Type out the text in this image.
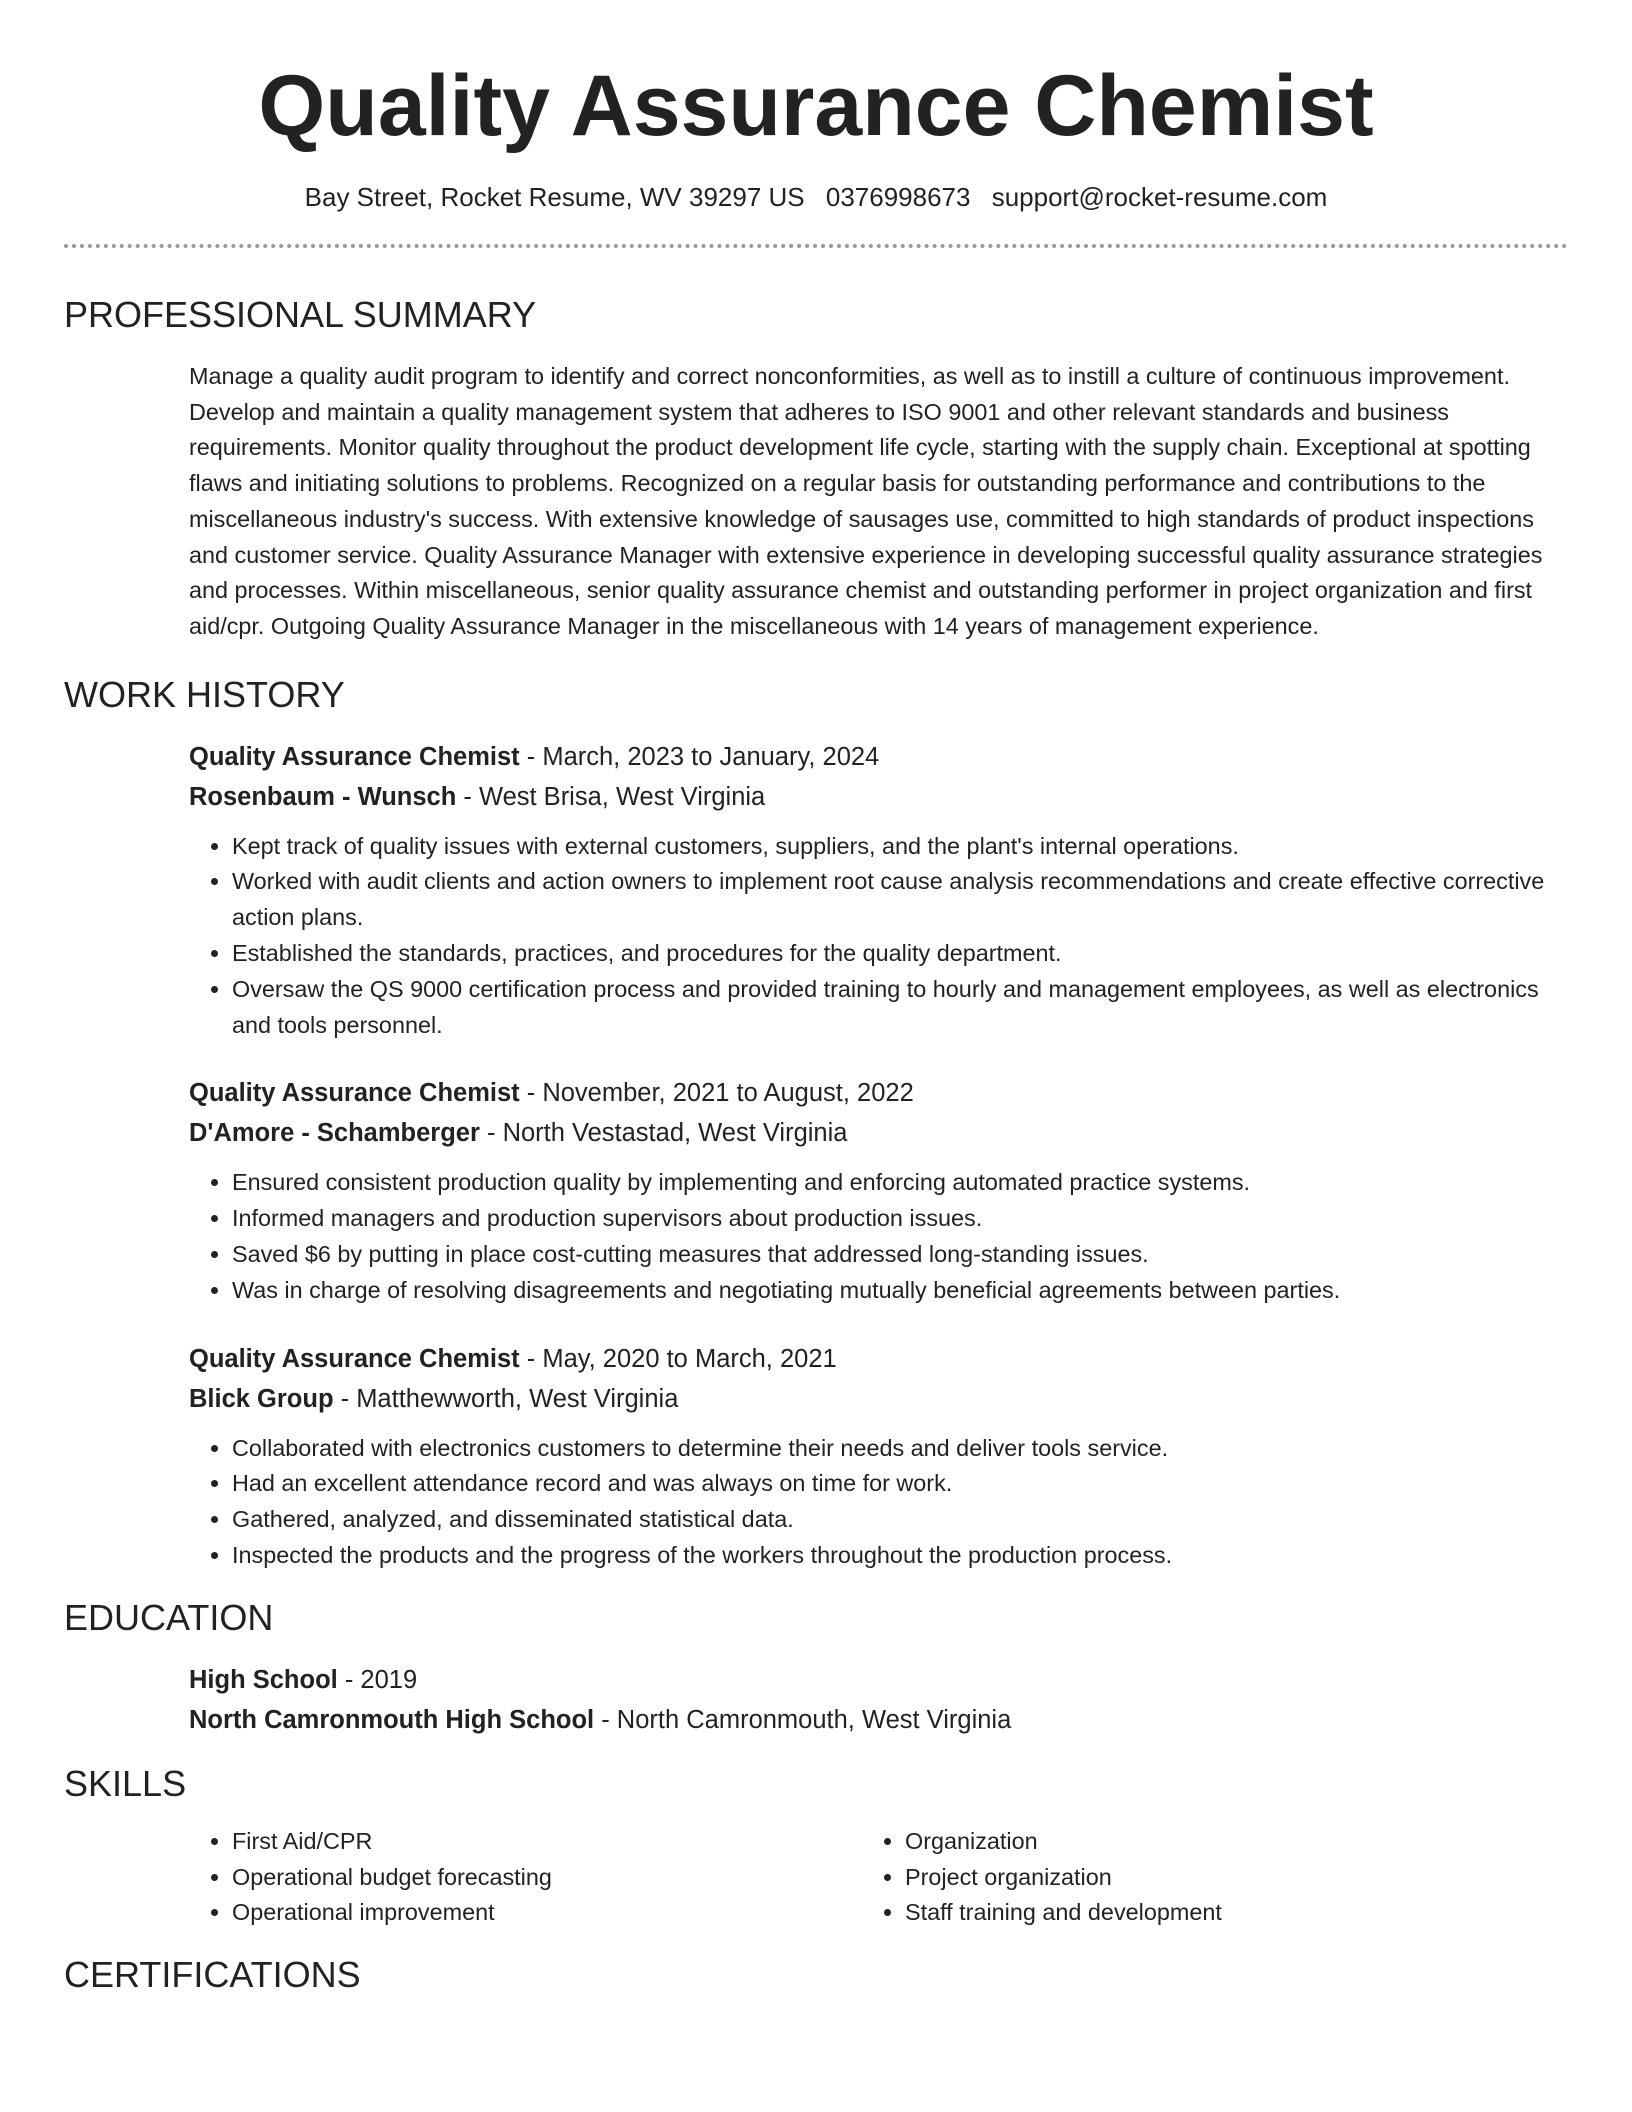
Quality Assurance Chemist
Bay Street, Rocket Resume, WV 39297 US 0376998673 support@rocket-resume.com
PROFESSIONAL SUMMARY

Manage a quality audit program to identify and correct nonconformities, as well as to instill a culture of continuous improvement. Develop and maintain a quality management system that adheres to ISO 9001 and other relevant standards and business requirements. Monitor quality throughout the product development life cycle, starting with the supply chain. Exceptional at spotting flaws and initiating solutions to problems. Recognized on a regular basis for outstanding performance and contributions to the miscellaneous industry's success. With extensive knowledge of sausages use, committed to high standards of product inspections and customer service. Quality Assurance Manager with extensive experience in developing successful quality assurance strategies and processes. Within miscellaneous, senior quality assurance chemist and outstanding performer in project organization and first aid/cpr. Outgoing Quality Assurance Manager in the miscellaneous with 14 years of management experience.

WORK HISTORY
Quality Assurance Chemist - March, 2023 to January, 2024
Rosenbaum - Wunsch - West Brisa, West Virginia
• Kept track of quality issues with external customers, suppliers, and the plant's internal operations.
• Worked with audit clients and action owners to implement root cause analysis recommendations and create effective corrective action plans.
• Established the standards, practices, and procedures for the quality department.
• Oversaw the QS 9000 certification process and provided training to hourly and management employees, as well as electronics and tools personnel.
Quality Assurance Chemist - November, 2021 to August, 2022
D'Amore - Schamberger - North Vestastad, West Virginia
• Ensured consistent production quality by implementing and enforcing automated practice systems.
• Informed managers and production supervisors about production issues.
• Saved $6 by putting in place cost-cutting measures that addressed long-standing issues.
• Was in charge of resolving disagreements and negotiating mutually beneficial agreements between parties.
Quality Assurance Chemist - May, 2020 to March, 2021
Blick Group - Matthewworth, West Virginia
• Collaborated with electronics customers to determine their needs and deliver tools service.
• Had an excellent attendance record and was always on time for work.
• Gathered, analyzed, and disseminated statistical data.
• Inspected the products and the progress of the workers throughout the production process.
EDUCATION
High School - 2019
North Camronmouth High School - North Camronmouth, West Virginia
SKILLS
• First Aid/CPR
• Operational budget forecasting
• Operational improvement
• Organization
• Project organization
• Staff training and development
CERTIFICATIONS
